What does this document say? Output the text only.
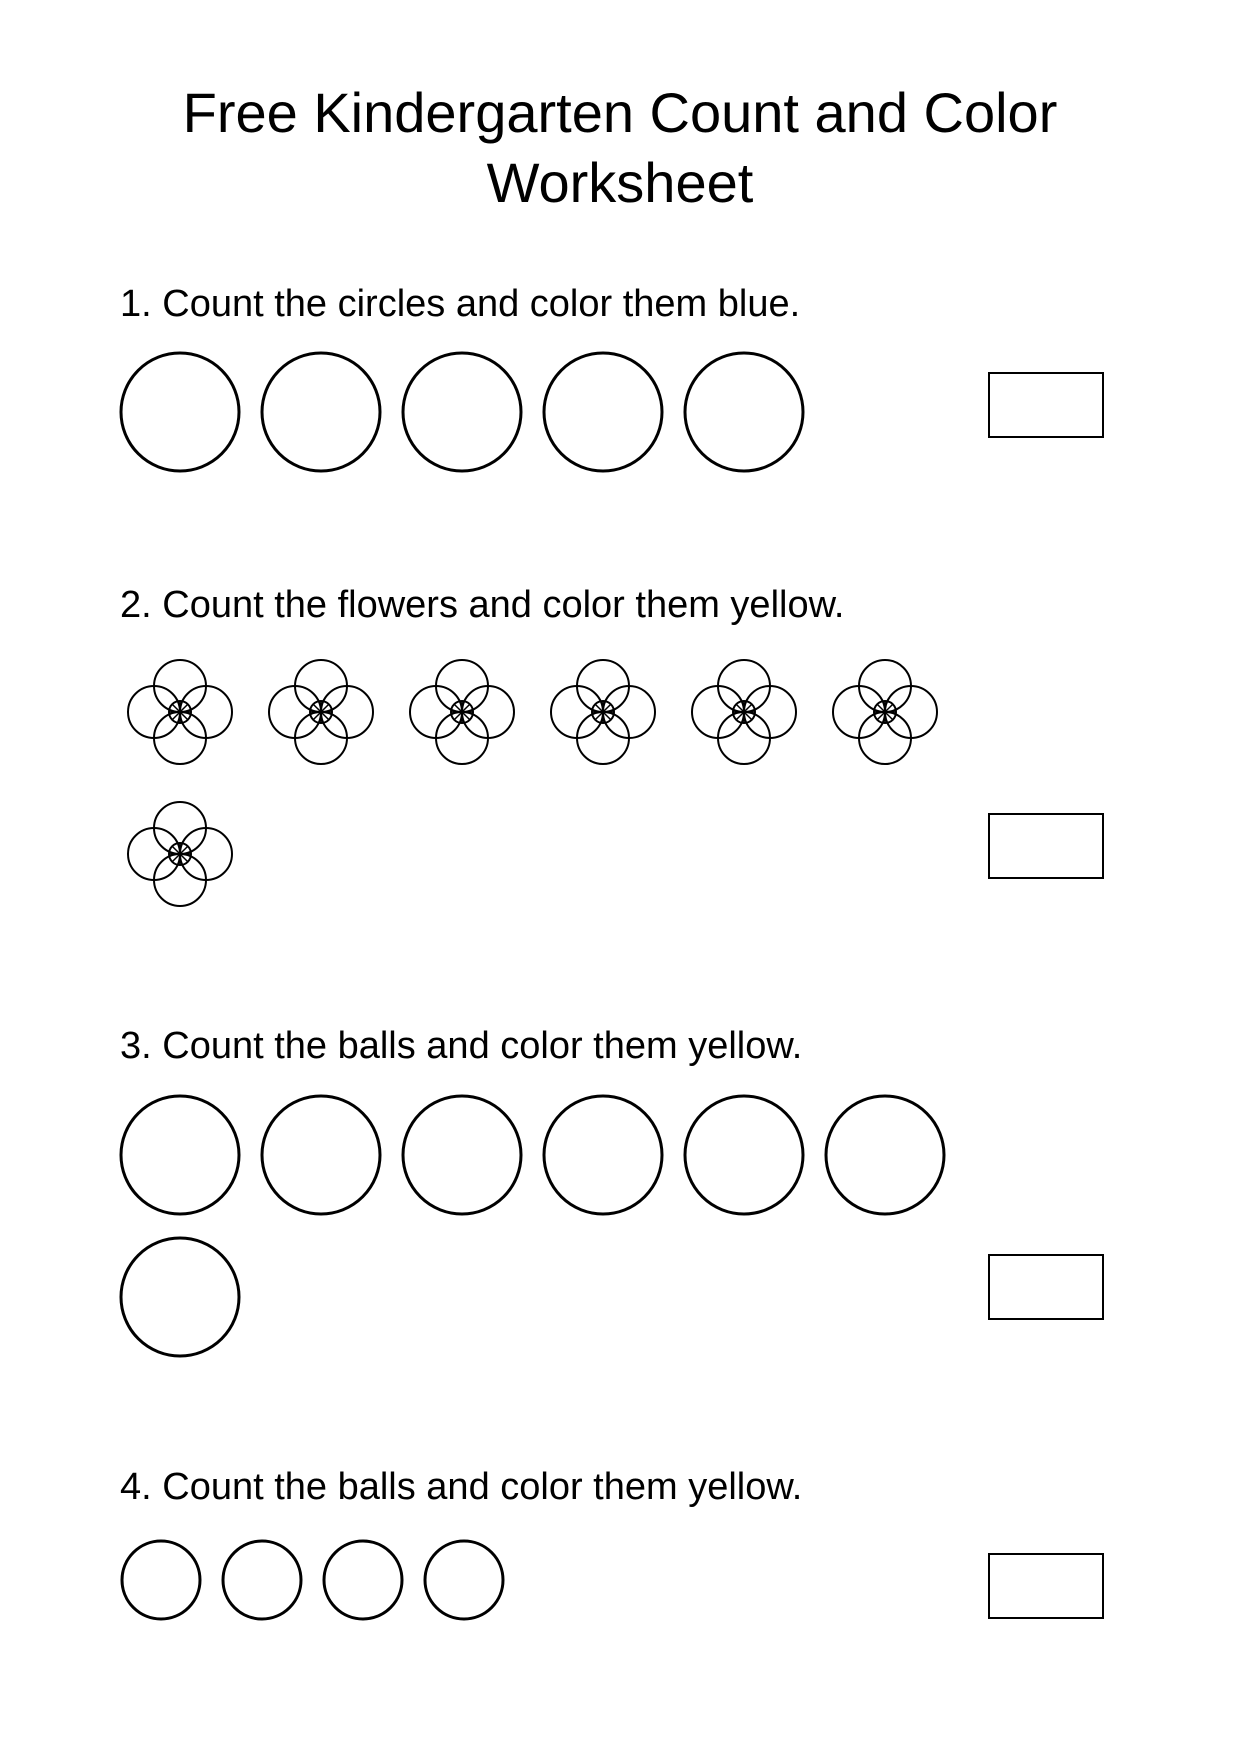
Free Kindergarten Count and Color Worksheet
1. Count the circles and color them blue.
2. Count the flowers and color them yellow.
3. Count the balls and color them yellow.
4. Count the balls and color them yellow.
